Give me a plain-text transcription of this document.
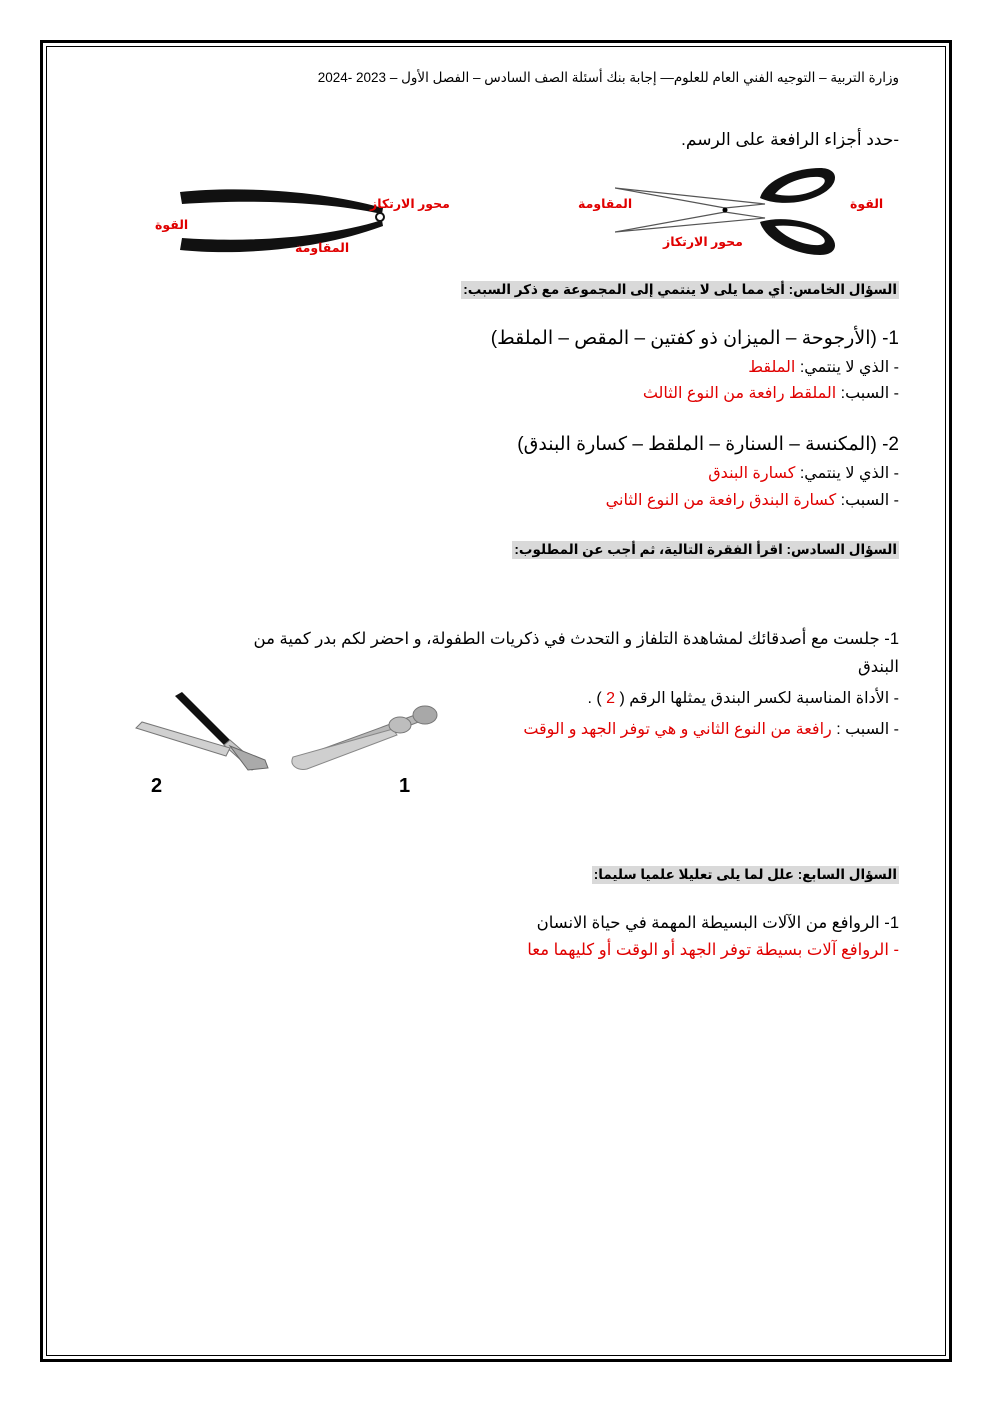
وزارة التربية – التوجيه الفني العام للعلوم— إجابة بنك أسئلة الصف السادس – الفصل الأول – 2023 -2024
-حدد أجزاء الرافعة على الرسم.
القوة
المقاومة
محور الارتكاز
محور الارتكاز
القوة
المقاومة
السؤال الخامس: أي مما يلى لا ينتمي إلى المجموعة مع ذكر السبب:
1- (الأرجوحة – الميزان ذو كفتين – المقص – الملقط)
- الذي لا ينتمي: الملقط
- السبب: الملقط رافعة من النوع الثالث
2- (المكنسة – السنارة – الملقط – كسارة البندق)
- الذي لا ينتمي: كسارة البندق
- السبب: كسارة البندق رافعة من النوع الثاني
السؤال السادس: اقرأ الفقرة التالية، ثم أجب عن المطلوب:
1- جلست مع أصدقائك لمشاهدة التلفاز و التحدث في ذكريات الطفولة، و احضر لكم بدر كمية من البندق
- الأداة المناسبة لكسر البندق يمثلها الرقم ( 2 ) .
- السبب : رافعة من النوع الثاني و هي توفر الجهد و الوقت
1
2
السؤال السابع: علل لما يلى تعليلا علميا سليما:
1- الروافع من الآلات البسيطة المهمة في حياة الانسان
- الروافع آلات بسيطة توفر الجهد أو الوقت أو كليهما معا
